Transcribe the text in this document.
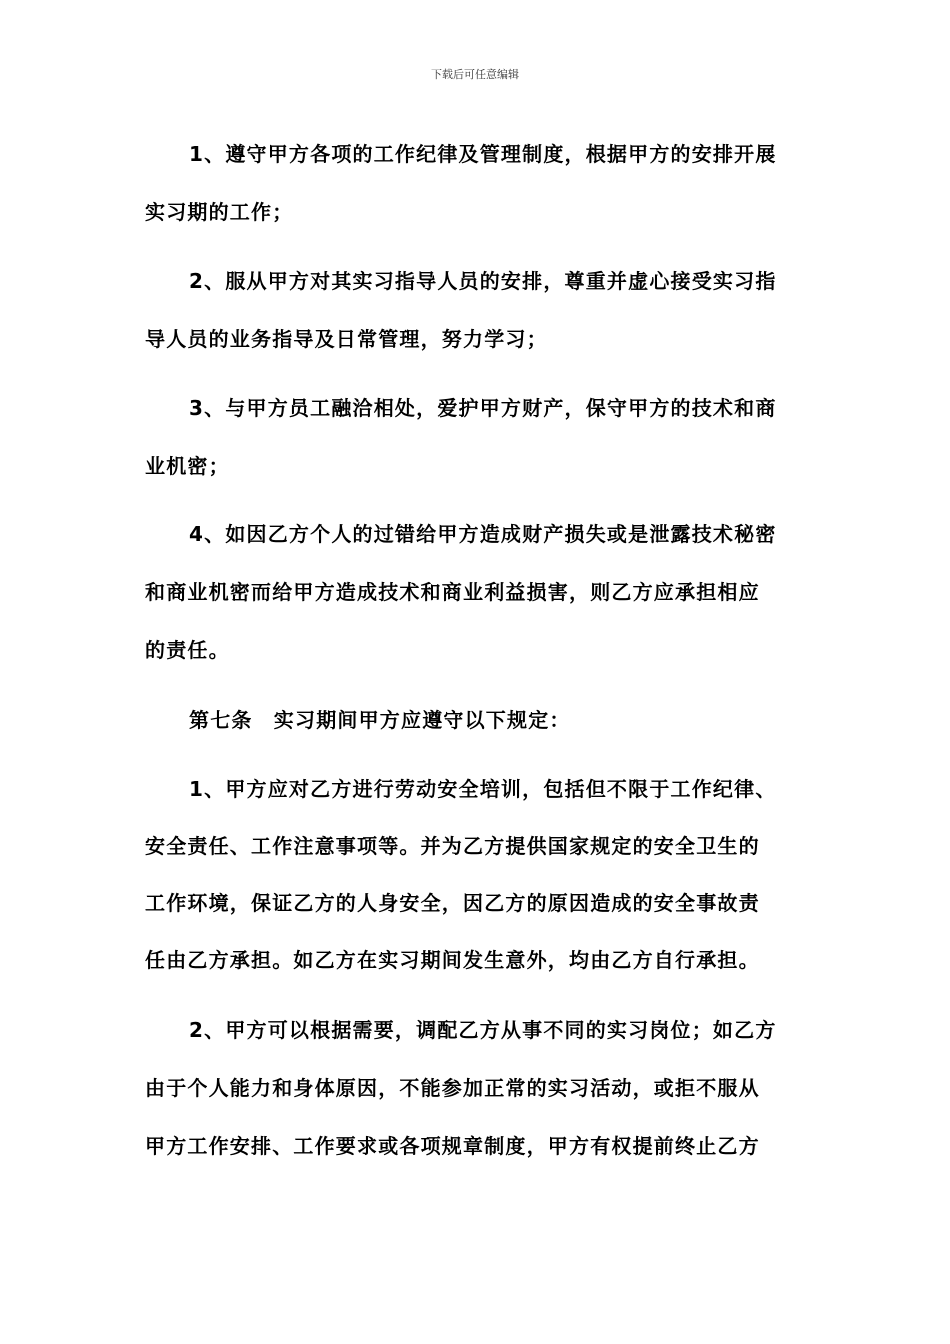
下载后可任意编辑
1、遵守甲方各项的工作纪律及管理制度，根据甲方的安排开展
实习期的工作；
2、服从甲方对其实习指导人员的安排，尊重并虚心接受实习指
导人员的业务指导及日常管理，努力学习；
3、与甲方员工融洽相处，爱护甲方财产，保守甲方的技术和商
业机密；
4、如因乙方个人的过错给甲方造成财产损失或是泄露技术秘密
和商业机密而给甲方造成技术和商业利益损害，则乙方应承担相应
的责任。
第七条　实习期间甲方应遵守以下规定：
1、甲方应对乙方进行劳动安全培训，包括但不限于工作纪律、
安全责任、工作注意事项等。并为乙方提供国家规定的安全卫生的
工作环境，保证乙方的人身安全，因乙方的原因造成的安全事故责
任由乙方承担。如乙方在实习期间发生意外，均由乙方自行承担。
2、甲方可以根据需要，调配乙方从事不同的实习岗位；如乙方
由于个人能力和身体原因，不能参加正常的实习活动，或拒不服从
甲方工作安排、工作要求或各项规章制度，甲方有权提前终止乙方
